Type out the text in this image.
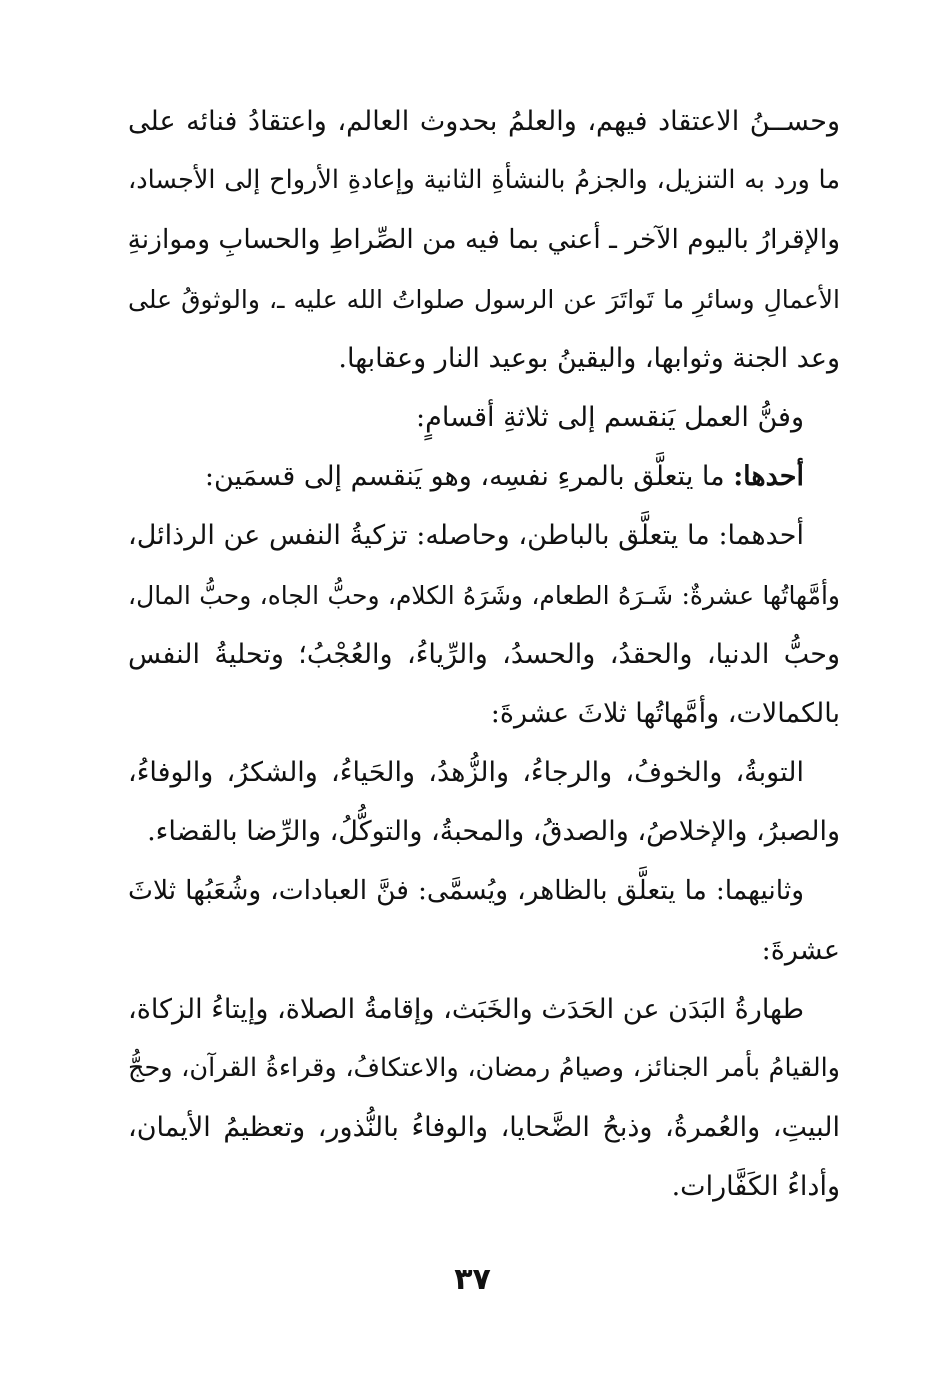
وحســنُ الاعتقاد فيهم، والعلمُ بحدوث العالم، واعتقادُ فنائه على
ما ورد به التنزيل، والجزمُ بالنشأةِ الثانية وإعادةِ الأرواح إلى الأجساد،
والإقرارُ باليوم الآخر ـ أعني بما فيه من الصِّراطِ والحسابِ وموازنةِ
الأعمالِ وسائرِ ما تَواتَرَ عن الرسول صلواتُ الله عليه ـ، والوثوقُ على
وعد الجنة وثوابها، واليقينُ بوعيد النار وعقابها.
وفنُّ العمل يَنقسم إلى ثلاثةِ أقسامٍ:
أحدها: ما يتعلَّق بالمرءِ نفسِه، وهو يَنقسم إلى قسمَين:
أحدهما: ما يتعلَّق بالباطن، وحاصله: تزكيةُ النفس عن الرذائل،
وأمَّهاتُها عشرةٌ: شَـرَهُ الطعام، وشَرَهُ الكلام، وحبُّ الجاه، وحبُّ المال،
وحبُّ الدنيا، والحقدُ، والحسدُ، والرِّياءُ، والعُجْبُ؛ وتحليةُ النفس
بالكمالات، وأمَّهاتُها ثلاثَ عشرةَ:
التوبةُ، والخوفُ، والرجاءُ، والزُّهدُ، والحَياءُ، والشكرُ، والوفاءُ،
والصبرُ، والإخلاصُ، والصدقُ، والمحبةُ، والتوكُّلُ، والرِّضا بالقضاء.
وثانيهما: ما يتعلَّق بالظاهر، ويُسمَّى: فنَّ العبادات، وشُعَبُها ثلاثَ
عشرةَ:
طهارةُ البَدَن عن الحَدَث والخَبَث، وإقامةُ الصلاة، وإيتاءُ الزكاة،
والقيامُ بأمر الجنائز، وصيامُ رمضان، والاعتكافُ، وقراءةُ القرآن، وحجُّ
البيتِ، والعُمرةُ، وذبحُ الضَّحايا، والوفاءُ بالنُّذور، وتعظيمُ الأيمان،
وأداءُ الكَفَّارات.
٣٧
